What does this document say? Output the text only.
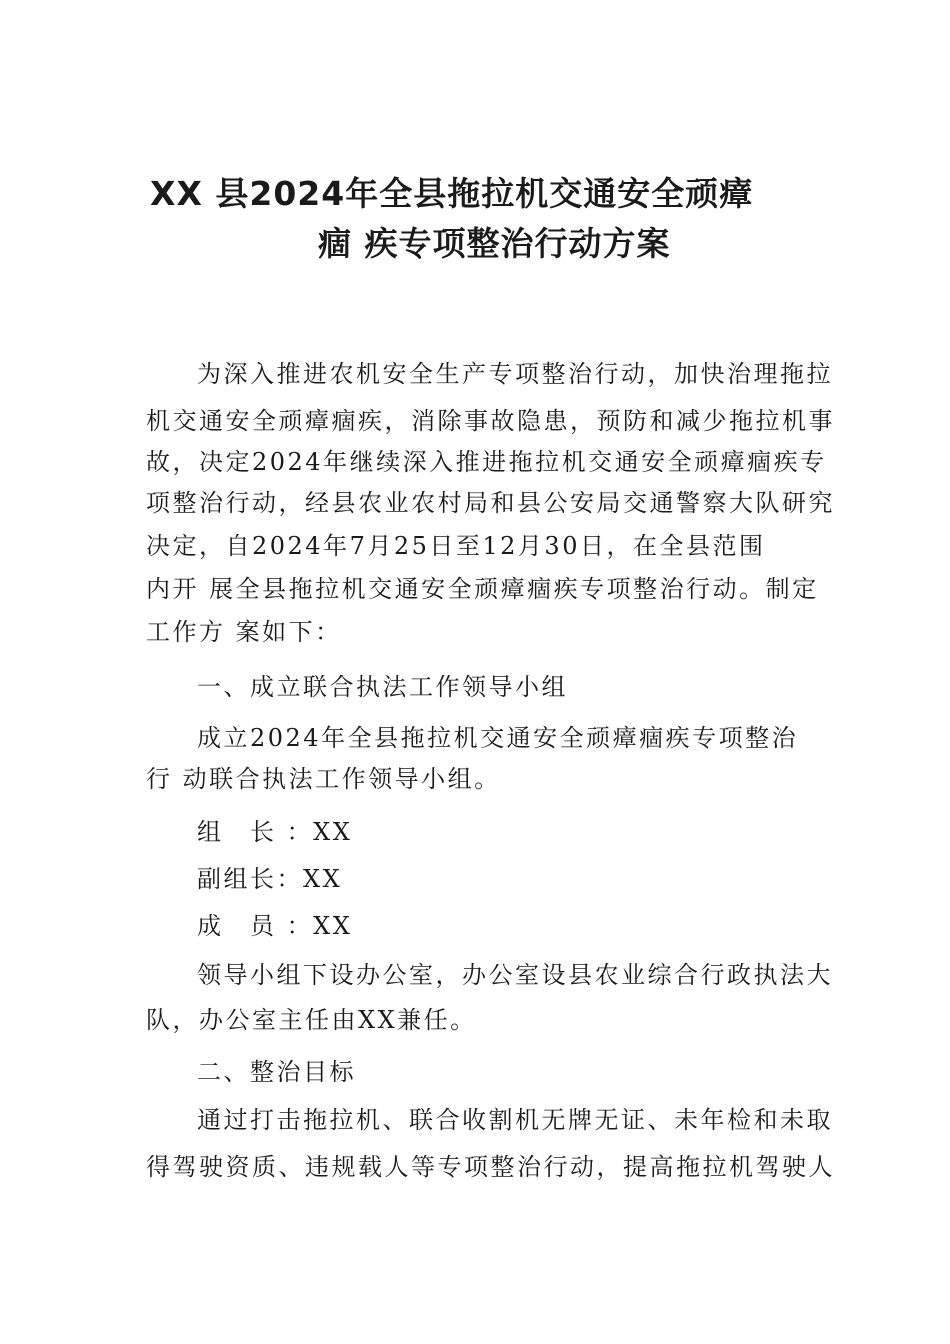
XX 县2024年全县拖拉机交通安全顽瘴
痼 疾专项整治行动方案
为深入推进农机安全生产专项整治行动，加快治理拖拉
机交通安全顽瘴痼疾，消除事故隐患，预防和减少拖拉机事
故，决定2024年继续深入推进拖拉机交通安全顽瘴痼疾专
项整治行动，经县农业农村局和县公安局交通警察大队研究
决定，自2024年7月25日至12月30日，在全县范围
内开 展全县拖拉机交通安全顽瘴痼疾专项整治行动。制定
工作方 案如下：
一、成立联合执法工作领导小组
成立2024年全县拖拉机交通安全顽瘴痼疾专项整治
行 动联合执法工作领导小组。
组　长 ：XX
副组长：XX
成　员 ：XX
领导小组下设办公室，办公室设县农业综合行政执法大
队，办公室主任由XX兼任。
二、整治目标
通过打击拖拉机、联合收割机无牌无证、未年检和未取
得驾驶资质、违规载人等专项整治行动，提高拖拉机驾驶人
